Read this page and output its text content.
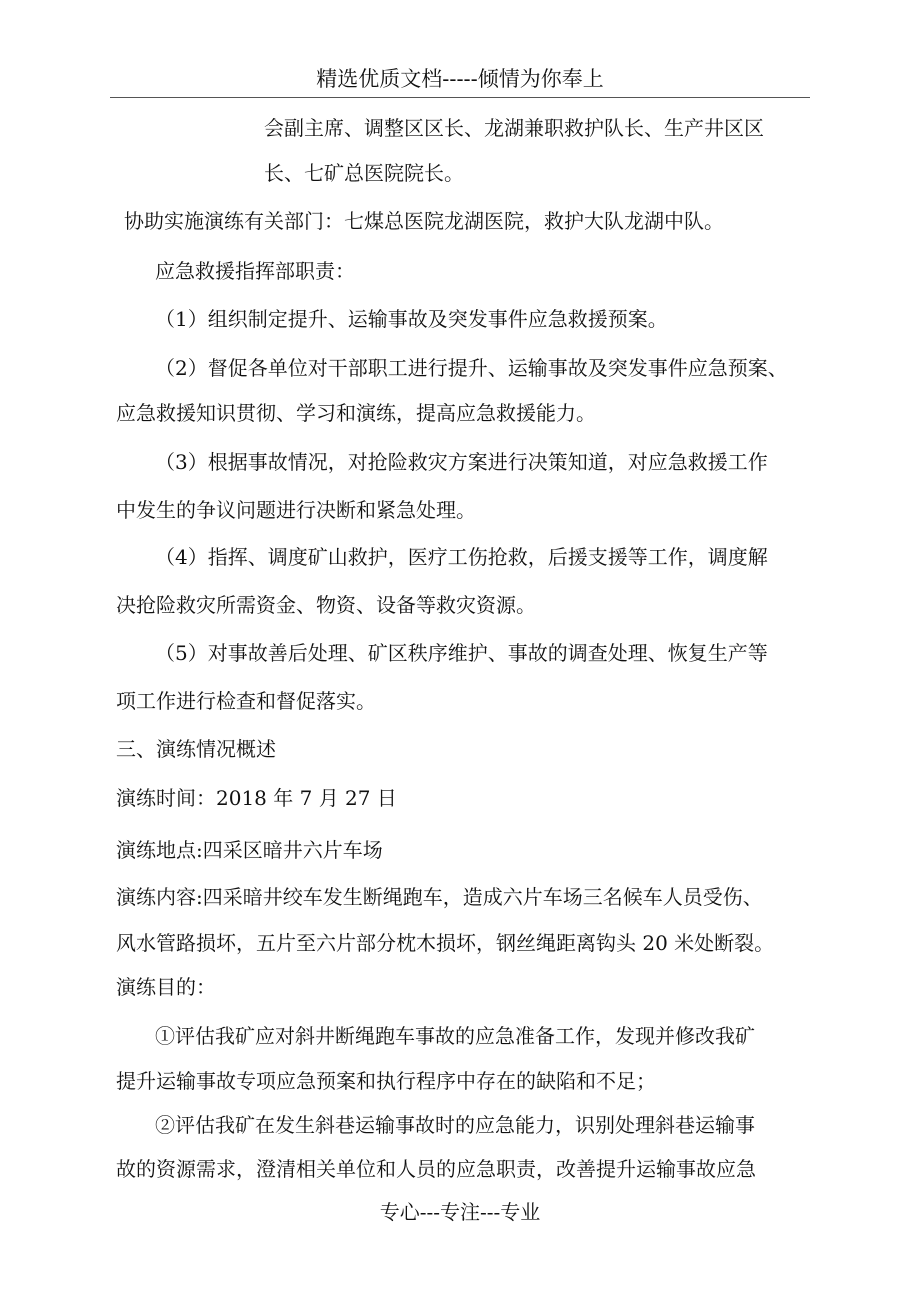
精选优质文档-----倾情为你奉上
会副主席、调整区区长、龙湖兼职救护队长、生产井区区
长、七矿总医院院长。
协助实施演练有关部门：七煤总医院龙湖医院，救护大队龙湖中队。
应急救援指挥部职责：
（1）组织制定提升、运输事故及突发事件应急救援预案。
（2）督促各单位对干部职工进行提升、运输事故及突发事件应急预案、
应急救援知识贯彻、学习和演练，提高应急救援能力。
（3）根据事故情况，对抢险救灾方案进行决策知道，对应急救援工作
中发生的争议问题进行决断和紧急处理。
（4）指挥、调度矿山救护，医疗工伤抢救，后援支援等工作，调度解
决抢险救灾所需资金、物资、设备等救灾资源。
（5）对事故善后处理、矿区秩序维护、事故的调查处理、恢复生产等
项工作进行检查和督促落实。
三、演练情况概述
演练时间：2018 年 7 月 27 日
演练地点:四采区暗井六片车场
演练内容:四采暗井绞车发生断绳跑车，造成六片车场三名候车人员受伤、
风水管路损坏，五片至六片部分枕木损坏，钢丝绳距离钩头 20 米处断裂。
演练目的：
①评估我矿应对斜井断绳跑车事故的应急准备工作，发现并修改我矿
提升运输事故专项应急预案和执行程序中存在的缺陷和不足；
②评估我矿在发生斜巷运输事故时的应急能力，识别处理斜巷运输事
故的资源需求，澄清相关单位和人员的应急职责，改善提升运输事故应急
专心---专注---专业
